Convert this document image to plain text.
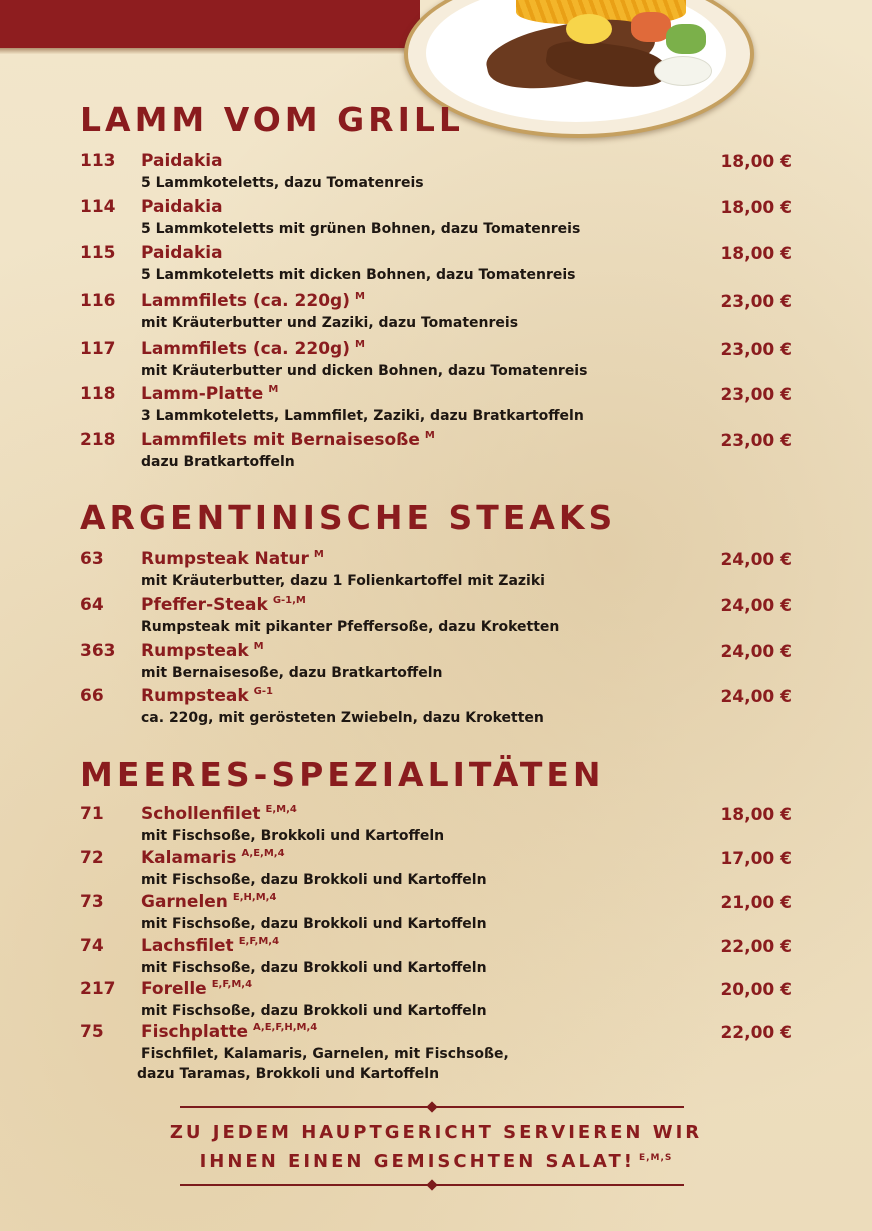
LAMM VOM GRILL
113 Paidakia	18,00 €
5 Lammkoteletts, dazu Tomatenreis
114 Paidakia	18,00 €
5 Lammkoteletts mit grünen Bohnen, dazu Tomatenreis
115 Paidakia	18,00 €
5 Lammkoteletts mit dicken Bohnen, dazu Tomatenreis
116 Lammfilets (ca. 220g) $^M$	23,00 €
mit Kräuterbutter und Zaziki, dazu Tomatenreis
117 Lammfilets (ca. 220g) $^M$	23,00 €
mit Kräuterbutter und dicken Bohnen, dazu Tomatenreis
118 Lamm-Platte $^M$	23,00 €
3 Lammkoteletts, Lammfilet, Zaziki, dazu Bratkartoffeln
218 Lammfilets mit Bernaisesoße $^M$	23,00 €
dazu Bratkartoffeln
ARGENTINISCHE STEAKS
63 Rumpsteak Natur $^M$	24,00 €
mit Kräuterbutter, dazu 1 Folienkartoffel mit Zaziki
64 Pfeffer-Steak $^{G-1,M}$	24,00 €
Rumpsteak mit pikanter Pfeffersoße, dazu Kroketten
363 Rumpsteak $^M$	24,00 €
mit Bernaisesoße, dazu Bratkartoffeln
66 Rumpsteak $^{G-1}$	24,00 €
ca. 220g, mit gerösteten Zwiebeln, dazu Kroketten
MEERES-SPEZIALITÄTEN
71 Schollenfilet $^{E,M,4}$	18,00 €
mit Fischsoße, Brokkoli und Kartoffeln
72 Kalamaris $^{A,E,M,4}$	17,00 €
mit Fischsoße, dazu Brokkoli und Kartoffeln
73 Garnelen $^{E,H,M,4}$	21,00 €
mit Fischsoße, dazu Brokkoli und Kartoffeln
74 Lachsfilet $^{E,F,M,4}$	22,00 €
mit Fischsoße, dazu Brokkoli und Kartoffeln
217 Forelle $^{E,F,M,4}$	20,00 €
mit Fischsoße, dazu Brokkoli und Kartoffeln
75 Fischplatte $^{A,E,F,H,M,4}$	22,00 €
Fischfilet, Kalamaris, Garnelen, mit Fischsoße,
dazu Taramas, Brokkoli und Kartoffeln
ZU JEDEM HAUPTGERICHT SERVIEREN WIR
IHNEN EINEN GEMISCHTEN SALAT! $^{E,M,S}$
